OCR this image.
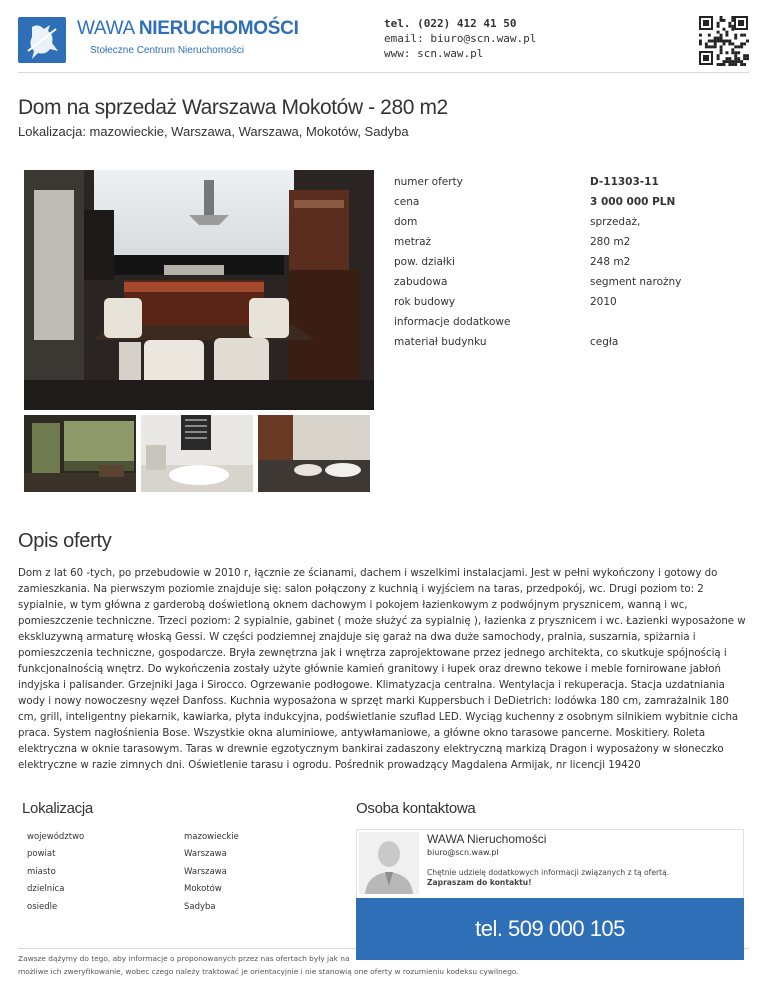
WAWA NIERUCHOMOŚCI
Stołeczne Centrum Nieruchomości
tel. (022) 412 41 50
email: biuro@scn.waw.pl
www: scn.waw.pl
Dom na sprzedaż Warszawa Mokotów - 280 m2
Lokalizacja: mazowieckie, Warszawa, Warszawa, Mokotów, Sadyba
numer oferty	D-11303-11
cena	3 000 000 PLN
dom	sprzedaż,
metraż	280 m2
pow. działki	248 m2
zabudowa	segment narożny
rok budowy	2010
informacje dodatkowe
materiał budynku	cegła
Opis oferty
Dom z lat 60 -tych, po przebudowie w 2010 r, łącznie ze ścianami, dachem i wszelkimi instalacjami. Jest w pełni wykończony i gotowy do zamieszkania. Na pierwszym poziomie znajduje się: salon połączony z kuchnią i wyjściem na taras, przedpokój, wc. Drugi poziom to: 2 sypialnie, w tym główna z garderobą doświetloną oknem dachowym i pokojem łazienkowym z podwójnym prysznicem, wanną i wc, pomieszczenie techniczne. Trzeci poziom: 2 sypialnie, gabinet ( może służyć za sypialnię ), łazienka z prysznicem i wc. Łazienki wyposażone w ekskluzywną armaturę włoską Gessi. W części podziemnej znajduje się garaż na dwa duże samochody, pralnia, suszarnia, spiżarnia i pomieszczenia techniczne, gospodarcze. Bryła zewnętrzna jak i wnętrza zaprojektowane przez jednego architekta, co skutkuje spójnością i funkcjonalnością wnętrz. Do wykończenia zostały użyte głównie kamień granitowy i łupek oraz drewno tekowe i meble fornirowane jabłoń indyjska i palisander. Grzejniki Jaga i Sirocco. Ogrzewanie podłogowe. Klimatyzacja centralna. Wentylacja i rekuperacja. Stacja uzdatniania wody i nowy nowoczesny węzeł Danfoss. Kuchnia wyposażona w sprzęt marki Kuppersbuch i DeDietrich: lodówka 180 cm, zamrażalnik 180 cm, grill, inteligentny piekarnik, kawiarka, płyta indukcyjna, podświetlanie szuflad LED. Wyciąg kuchenny z osobnym silnikiem wybitnie cicha praca. System nagłośnienia Bose. Wszystkie okna aluminiowe, antywłamaniowe, a główne okno tarasowe pancerne. Moskitiery. Roleta elektryczna w oknie tarasowym. Taras w drewnie egzotycznym bankirai zadaszony elektryczną markizą Dragon i wyposażony w słoneczko elektryczne w razie zimnych dni. Oświetlenie tarasu i ogrodu. Pośrednik prowadzący Magdalena Armijak, nr licencji 19420
Lokalizacja
województwo	mazowieckie
powiat	Warszawa
miasto	Warszawa
dzielnica	Mokotów
osiedle	Sadyba
Osoba kontaktowa
WAWA Nieruchomości
biuro@scn.waw.pl
Chętnie udzielę dodatkowych informacji związanych z tą ofertą.
Zapraszam do kontaktu!
Zawsze dążymy do tego, aby informacje o proponowanych przez nas ofertach były jak na
możliwe ich zweryfikowanie, wobec czego należy traktować je orientacyjnie i nie stanowią one oferty w rozumieniu kodeksu cywilnego.
tel. 509 000 105
